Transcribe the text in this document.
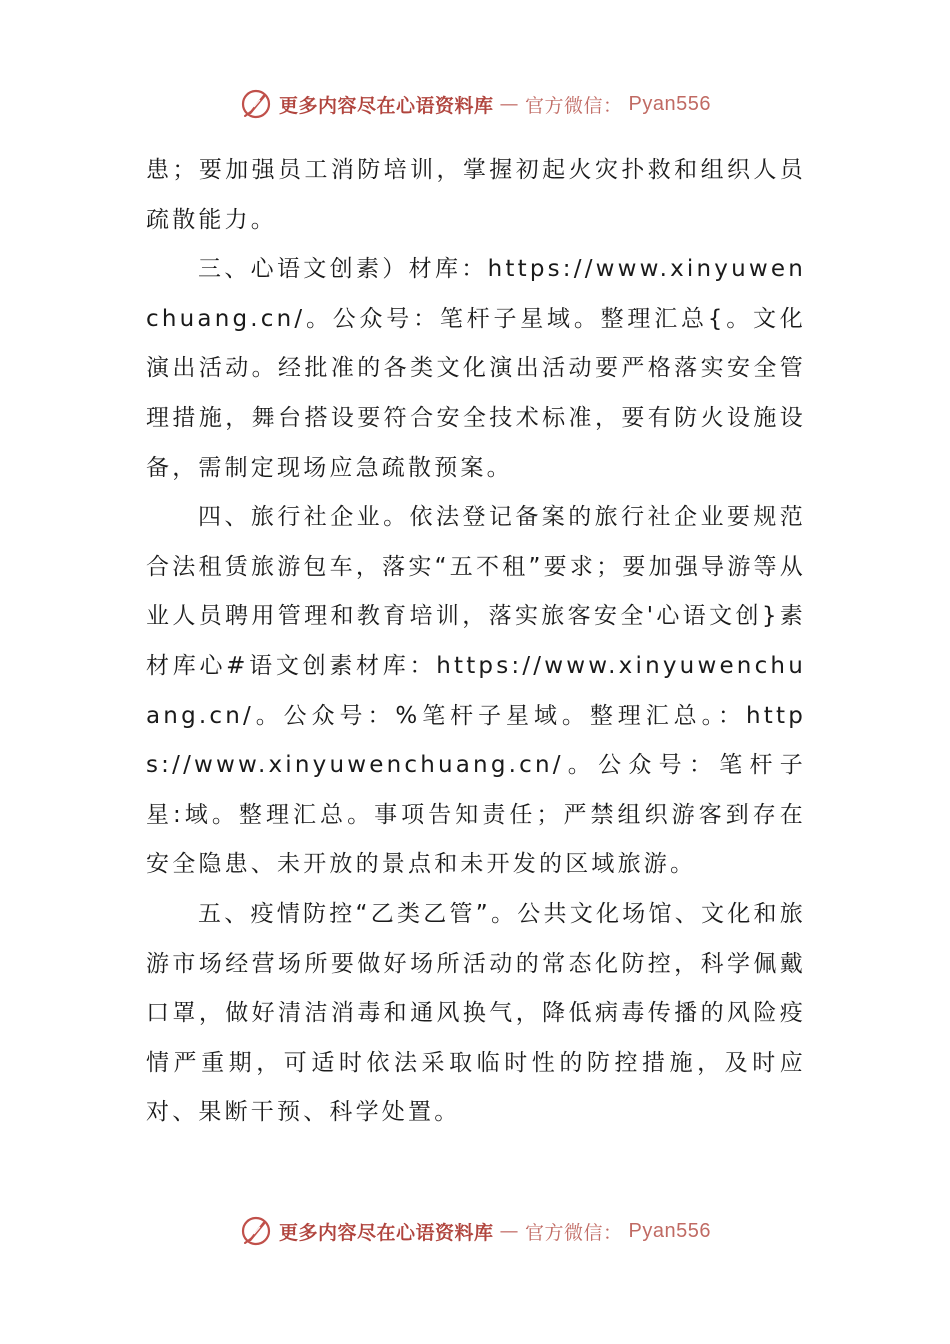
更多内容尽在心语资料库 — 官方微信： Pyan556

患；要加强员工消防培训，掌握初起火灾扑救和组织人员疏散能力。

三、心语文创素）材库：https://www.xinyuwenchuang.cn/。公众号：笔杆子星域。整理汇总{。文化演出活动。经批准的各类文化演出活动要严格落实安全管理措施，舞台搭设要符合安全技术标准，要有防火设施设备，需制定现场应急疏散预案。

四、旅行社企业。依法登记备案的旅行社企业要规范合法租赁旅游包车，落实“五不租”要求；要加强导游等从业人员聘用管理和教育培训，落实旅客安全'心语文创}素材库心#语文创素材库：https://www.xinyuwenchuang.cn/。公众号：%笔杆子星域。整理汇总。：https://www.xinyuwenchuang.cn/。公众号：笔杆子星:域。整理汇总。事项告知责任；严禁组织游客到存在安全隐患、未开放的景点和未开发的区域旅游。

五、疫情防控“乙类乙管”。公共文化场馆、文化和旅游市场经营场所要做好场所活动的常态化防控，科学佩戴口罩，做好清洁消毒和通风换气，降低病毒传播的风险疫情严重期，可适时依法采取临时性的防控措施，及时应对、果断干预、科学处置。

更多内容尽在心语资料库 — 官方微信： Pyan556
